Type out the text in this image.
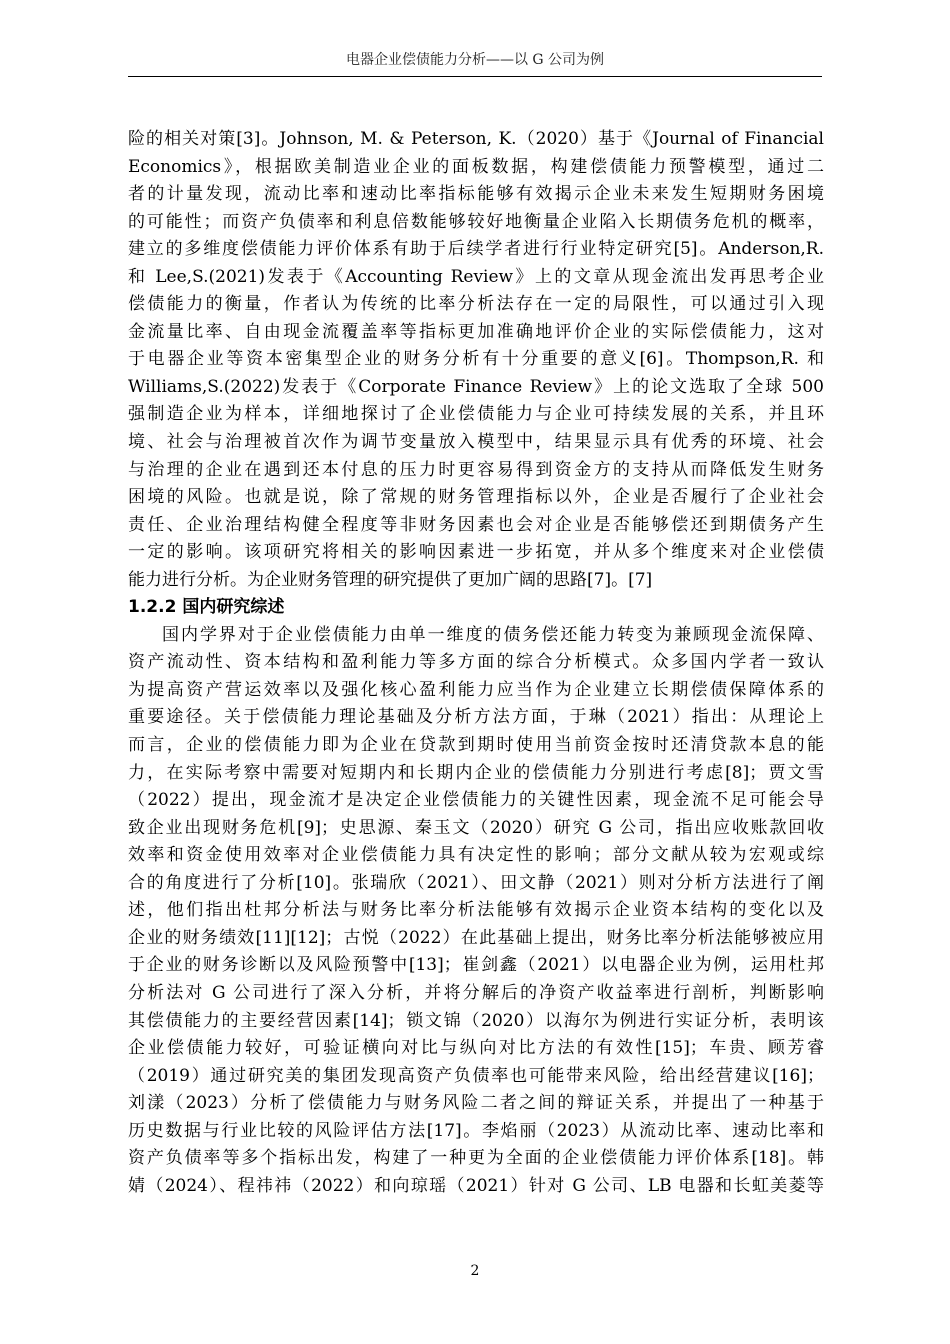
电器企业偿债能力分析——以 G 公司为例
险的相关对策[3]。Johnson, M. & Peterson, K.（2020）基于《Journal of Financial
Economics》，根据欧美制造业企业的面板数据，构建偿债能力预警模型，通过二
者的计量发现，流动比率和速动比率指标能够有效揭示企业未来发生短期财务困境
的可能性；而资产负债率和利息倍数能够较好地衡量企业陷入长期债务危机的概率，
建立的多维度偿债能力评价体系有助于后续学者进行行业特定研究[5]。Anderson,R.
和 Lee,S.(2021)发表于《Accounting Review》上的文章从现金流出发再思考企业
偿债能力的衡量，作者认为传统的比率分析法存在一定的局限性，可以通过引入现
金流量比率、自由现金流覆盖率等指标更加准确地评价企业的实际偿债能力，这对
于电器企业等资本密集型企业的财务分析有十分重要的意义[6]。Thompson,R. 和
Williams,S.(2022)发表于《Corporate Finance Review》上的论文选取了全球 500
强制造企业为样本，详细地探讨了企业偿债能力与企业可持续发展的关系，并且环
境、社会与治理被首次作为调节变量放入模型中，结果显示具有优秀的环境、社会
与治理的企业在遇到还本付息的压力时更容易得到资金方的支持从而降低发生财务
困境的风险。也就是说，除了常规的财务管理指标以外，企业是否履行了企业社会
责任、企业治理结构健全程度等非财务因素也会对企业是否能够偿还到期债务产生
一定的影响。该项研究将相关的影响因素进一步拓宽，并从多个维度来对企业偿债
能力进行分析。为企业财务管理的研究提供了更加广阔的思路[7]。[7]
1.2.2 国内研究综述
国内学界对于企业偿债能力由单一维度的债务偿还能力转变为兼顾现金流保障、
资产流动性、资本结构和盈利能力等多方面的综合分析模式。众多国内学者一致认
为提高资产营运效率以及强化核心盈利能力应当作为企业建立长期偿债保障体系的
重要途径。关于偿债能力理论基础及分析方法方面，于琳（2021）指出：从理论上
而言，企业的偿债能力即为企业在贷款到期时使用当前资金按时还清贷款本息的能
力，在实际考察中需要对短期内和长期内企业的偿债能力分别进行考虑[8]；贾文雪
（2022）提出，现金流才是决定企业偿债能力的关键性因素，现金流不足可能会导
致企业出现财务危机[9]；史思源、秦玉文（2020）研究 G 公司，指出应收账款回收
效率和资金使用效率对企业偿债能力具有决定性的影响；部分文献从较为宏观或综
合的角度进行了分析[10]。张瑞欣（2021）、田文静（2021）则对分析方法进行了阐
述，他们指出杜邦分析法与财务比率分析法能够有效揭示企业资本结构的变化以及
企业的财务绩效[11][12]；古悦（2022）在此基础上提出，财务比率分析法能够被应用
于企业的财务诊断以及风险预警中[13]；崔剑鑫（2021）以电器企业为例，运用杜邦
分析法对 G 公司进行了深入分析，并将分解后的净资产收益率进行剖析，判断影响
其偿债能力的主要经营因素[14]；锁文锦（2020）以海尔为例进行实证分析，表明该
企业偿债能力较好，可验证横向对比与纵向对比方法的有效性[15]；车贵、顾芳睿
（2019）通过研究美的集团发现高资产负债率也可能带来风险，给出经营建议[16]；
刘漾（2023）分析了偿债能力与财务风险二者之间的辩证关系，并提出了一种基于
历史数据与行业比较的风险评估方法[17]。李焰丽（2023）从流动比率、速动比率和
资产负债率等多个指标出发，构建了一种更为全面的企业偿债能力评价体系[18]。韩
婧（2024）、程祎祎（2022）和向琼瑶（2021）针对 G 公司、LB 电器和长虹美菱等
2
